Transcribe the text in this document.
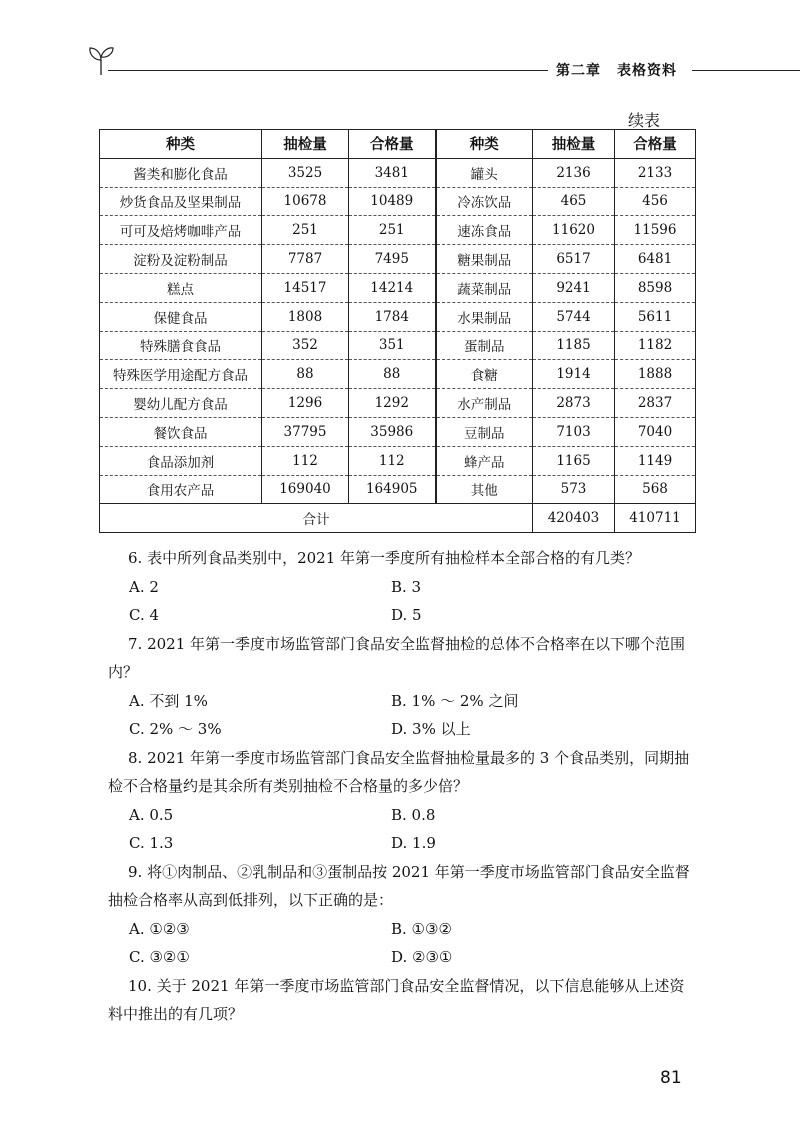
第二章 表格资料
续表
种类	抽检量	合格量	种类	抽检量	合格量
酱类和膨化食品	3525	3481	罐头	2136	2133
炒货食品及坚果制品	10678	10489	冷冻饮品	465	456
可可及焙烤咖啡产品	251	251	速冻食品	11620	11596
淀粉及淀粉制品	7787	7495	糖果制品	6517	6481
糕点	14517	14214	蔬菜制品	9241	8598
保健食品	1808	1784	水果制品	5744	5611
特殊膳食食品	352	351	蛋制品	1185	1182
特殊医学用途配方食品	88	88	食糖	1914	1888
婴幼儿配方食品	1296	1292	水产制品	2873	2837
餐饮食品	37795	35986	豆制品	7103	7040
食品添加剂	112	112	蜂产品	1165	1149
食用农产品	169040	164905	其他	573	568
合计				420403	410711

6. 表中所列食品类别中，2021 年第一季度所有抽检样本全部合格的有几类？

A. 2	B. 3
C. 4	D. 5

7. 2021 年第一季度市场监管部门食品安全监督抽检的总体不合格率在以下哪个范围内？

A. 不到 1%	B. 1% ～ 2% 之间
C. 2% ～ 3%	D. 3% 以上

8. 2021 年第一季度市场监管部门食品安全监督抽检量最多的 3 个食品类别，同期抽检不合格量约是其余所有类别抽检不合格量的多少倍？

A. 0.5	B. 0.8
C. 1.3	D. 1.9

9. 将①肉制品、②乳制品和③蛋制品按 2021 年第一季度市场监管部门食品安全监督抽检合格率从高到低排列，以下正确的是：

A. ①②③	B. ①③②
C. ③②①	D. ②③①

10. 关于 2021 年第一季度市场监管部门食品安全监督情况，以下信息能够从上述资料中推出的有几项？

81
